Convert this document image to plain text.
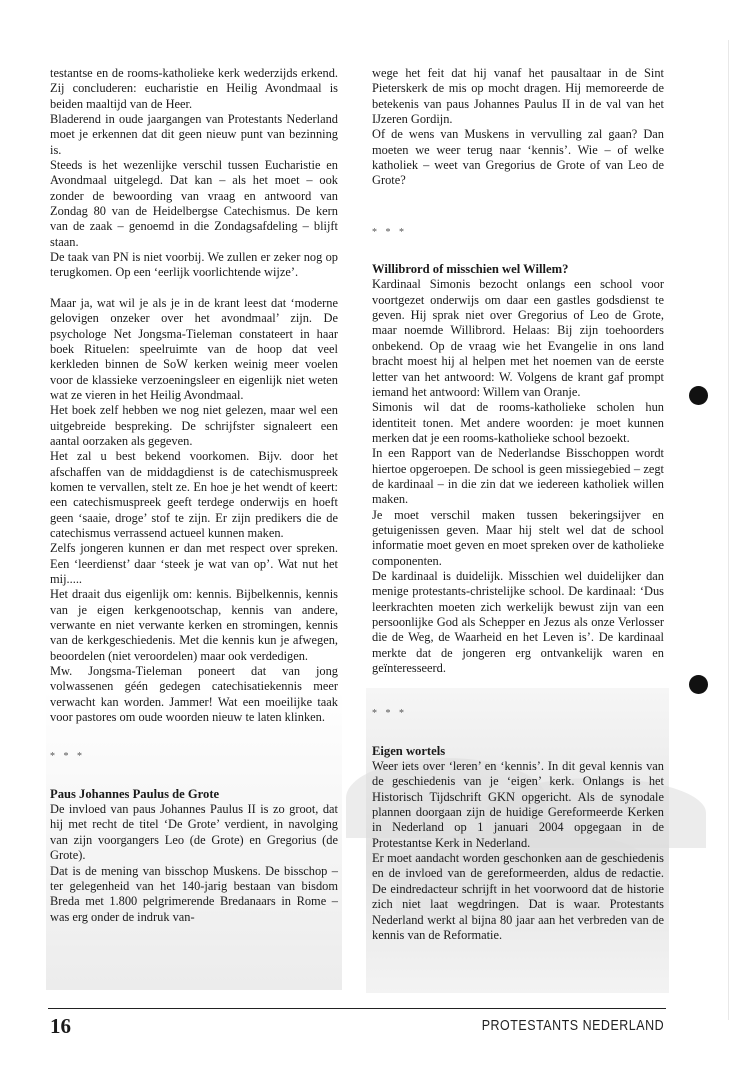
testantse en de rooms-katholieke kerk wederzijds erkend. Zij concluderen: eucharistie en Heilig Avondmaal is beiden maaltijd van de Heer.

Bladerend in oude jaargangen van Protestants Nederland moet je erkennen dat dit geen nieuw punt van bezinning is.

Steeds is het wezenlijke verschil tussen Eucharistie en Avondmaal uitgelegd. Dat kan – als het moet – ook zonder de bewoording van vraag en antwoord van Zondag 80 van de Heidelbergse Catechismus. De kern van de zaak – genoemd in die Zondagsafdeling – blijft staan.

De taak van PN is niet voorbij. We zullen er zeker nog op terugkomen. Op een ‘eerlijk voorlichtende wijze’.

Maar ja, wat wil je als je in de krant leest dat ‘moderne gelovigen onzeker over het avondmaal’ zijn. De psychologe Net Jongsma-Tieleman constateert in haar boek Rituelen: speelruimte van de hoop dat veel kerkleden binnen de SoW kerken weinig meer voelen voor de klassieke verzoeningsleer en eigenlijk niet weten wat ze vieren in het Heilig Avondmaal.

Het boek zelf hebben we nog niet gelezen, maar wel een uitgebreide bespreking. De schrijfster signaleert een aantal oorzaken als gegeven.

Het zal u best bekend voorkomen. Bijv. door het afschaffen van de middagdienst is de catechismuspreek komen te vervallen, stelt ze. En hoe je het wendt of keert: een catechismuspreek geeft terdege onderwijs en hoeft geen ‘saaie, droge’ stof te zijn. Er zijn predikers die de catechismus verrassend actueel kunnen maken.

Zelfs jongeren kunnen er dan met respect over spreken. Een ‘leerdienst’ daar ‘steek je wat van op’. Wat nut het mij.....

Het draait dus eigenlijk om: kennis. Bijbelkennis, kennis van je eigen kerkgenootschap, kennis van andere, verwante en niet verwante kerken en stromingen, kennis van de kerkgeschiedenis. Met die kennis kun je afwegen, beoordelen (niet veroordelen) maar ook verdedigen.

Mw. Jongsma-Tieleman poneert dat van jong volwassenen géén gedegen catechisatiekennis meer verwacht kan worden. Jammer! Wat een moeilijke taak voor pastores om oude woorden nieuw te laten klinken.

* * *
Paus Johannes Paulus de Grote

De invloed van paus Johannes Paulus II is zo groot, dat hij met recht de titel ‘De Grote’ verdient, in navolging van zijn voorgangers Leo (de Grote) en Gregorius (de Grote).

Dat is de mening van bisschop Muskens. De bisschop – ter gelegenheid van het 140-jarig bestaan van bisdom Breda met 1.800 pelgrimerende Bredanaars in Rome – was erg onder de indruk van-

wege het feit dat hij vanaf het pausaltaar in de Sint Pieterskerk de mis op mocht dragen. Hij memoreerde de betekenis van paus Johannes Paulus II in de val van het IJzeren Gordijn.

Of de wens van Muskens in vervulling zal gaan? Dan moeten we weer terug naar ‘kennis’. Wie – of welke katholiek – weet van Gregorius de Grote of van Leo de Grote?

* * *
Willibrord of misschien wel Willem?

Kardinaal Simonis bezocht onlangs een school voor voortgezet onderwijs om daar een gastles godsdienst te geven. Hij sprak niet over Gregorius of Leo de Grote, maar noemde Willibrord. Helaas: Bij zijn toehoorders onbekend. Op de vraag wie het Evangelie in ons land bracht moest hij al helpen met het noemen van de eerste letter van het antwoord: W. Volgens de krant gaf prompt iemand het antwoord: Willem van Oranje.

Simonis wil dat de rooms-katholieke scholen hun identiteit tonen. Met andere woorden: je moet kunnen merken dat je een rooms-katholieke school bezoekt.

In een Rapport van de Nederlandse Bisschoppen wordt hiertoe opgeroepen. De school is geen missiegebied – zegt de kardinaal – in die zin dat we iedereen katholiek willen maken.

Je moet verschil maken tussen bekeringsijver en getuigenissen geven. Maar hij stelt wel dat de school informatie moet geven en moet spreken over de katholieke componenten.

De kardinaal is duidelijk. Misschien wel duidelijker dan menige protestants-christelijke school. De kardinaal: ‘Dus leerkrachten moeten zich werkelijk bewust zijn van een persoonlijke God als Schepper en Jezus als onze Verlosser die de Weg, de Waarheid en het Leven is’. De kardinaal merkte dat de jongeren erg ontvankelijk waren en geïnteresseerd.

* * *
Eigen wortels

Weer iets over ‘leren’ en ‘kennis’. In dit geval kennis van de geschiedenis van je ‘eigen’ kerk. Onlangs is het Historisch Tijdschrift GKN opgericht. Als de synodale plannen doorgaan zijn de huidige Gereformeerde Kerken in Nederland op 1 januari 2004 opgegaan in de Protestantse Kerk in Nederland.

Er moet aandacht worden geschonken aan de geschiedenis en de invloed van de gereformeerden, aldus de redactie. De eindredacteur schrijft in het voorwoord dat de historie zich niet laat wegdringen. Dat is waar. Protestants Nederland werkt al bijna 80 jaar aan het verbreden van de kennis van de Reformatie.

16	PROTESTANTS NEDERLAND
